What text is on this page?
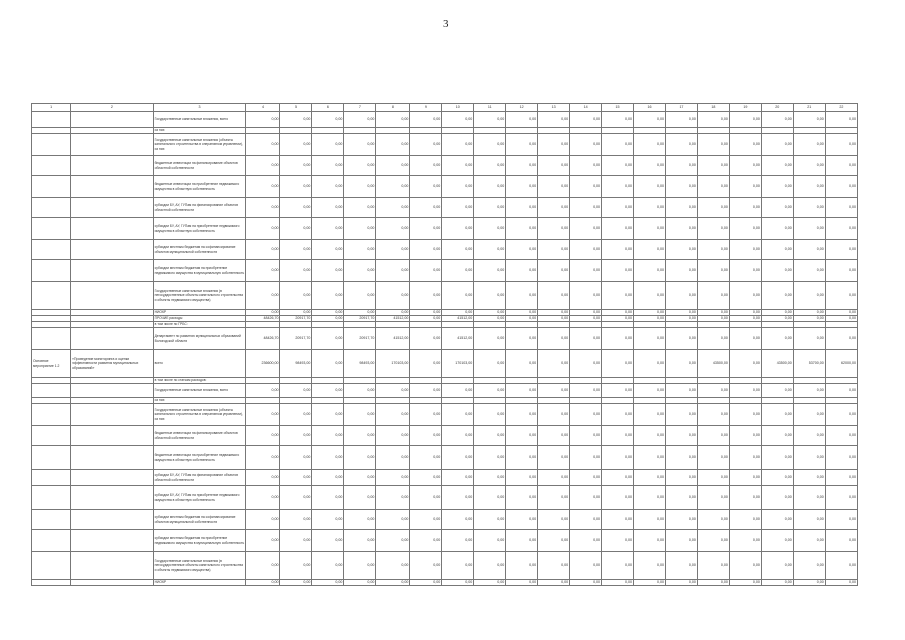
3
1	2	3	4	5	6	7	8	9	10	11	12	13	14	15	16	17	18	19	20	21	22
		Государственные капитальные вложения, всего	0,00	0,00	0,00	0,00	0,00	0,00	0,00	0,00	0,00	0,00	0,00	0,00	0,00	0,00	0,00	0,00	0,00	0,00	0,00
		из них:																			
		Государственные капитальные вложения (объекты капитального строительства в оперативном управлении), из них:	0,00	0,00	0,00	0,00	0,00	0,00	0,00	0,00	0,00	0,00	0,00	0,00	0,00	0,00	0,00	0,00	0,00	0,00	0,00
		бюджетные инвестиции на финансирование объектов областной собственности	0,00	0,00	0,00	0,00	0,00	0,00	0,00	0,00	0,00	0,00	0,00	0,00	0,00	0,00	0,00	0,00	0,00	0,00	0,00
		бюджетные инвестиции на приобретение недвижимого имущества в областную собственность	0,00	0,00	0,00	0,00	0,00	0,00	0,00	0,00	0,00	0,00	0,00	0,00	0,00	0,00	0,00	0,00	0,00	0,00	0,00
		субсидии БУ, АУ, ГУПам на финансирование объектов областной собственности	0,00	0,00	0,00	0,00	0,00	0,00	0,00	0,00	0,00	0,00	0,00	0,00	0,00	0,00	0,00	0,00	0,00	0,00	0,00
		субсидии БУ, АУ, ГУПам на приобретение недвижимого имущества в областную собственность	0,00	0,00	0,00	0,00	0,00	0,00	0,00	0,00	0,00	0,00	0,00	0,00	0,00	0,00	0,00	0,00	0,00	0,00	0,00
		субсидии местным бюджетам на софинансирование объектов муниципальной собственности	0,00	0,00	0,00	0,00	0,00	0,00	0,00	0,00	0,00	0,00	0,00	0,00	0,00	0,00	0,00	0,00	0,00	0,00	0,00
		субсидии местным бюджетам на приобретение недвижимого имущества в муниципальную собственность	0,00	0,00	0,00	0,00	0,00	0,00	0,00	0,00	0,00	0,00	0,00	0,00	0,00	0,00	0,00	0,00	0,00	0,00	0,00
		Государственные капитальные вложения (в негосударственные объекты капитального строительства и объекты недвижимого имущества)	0,00	0,00	0,00	0,00	0,00	0,00	0,00	0,00	0,00	0,00	0,00	0,00	0,00	0,00	0,00	0,00	0,00	0,00	0,00
		НИОКР	0,00	0,00	0,00	0,00	0,00	0,00	0,00	0,00	0,00	0,00	0,00	0,00	0,00	0,00	0,00	0,00	0,00	0,00	0,00
		ПРОЧИЕ расходы	48426,70	20917,70	0,00	20917,70	41512,00	0,00	41512,00	0,00	0,00	0,00	0,00	0,00	0,00	0,00	0,00	0,00	0,00	0,00	0,00
		в том числе по ГРБС:																			
		Департамент по развитию муниципальных образований Вологодской области	48426,70	20917,70	0,00	20917,70	41512,00	0,00	41512,00	0,00	0,00	0,00	0,00	0,00	0,00	0,00	0,00	0,00	0,00	0,00	0,00
Основное мероприятие 1.2	«Проведение мониторинга и оценки эффективности развития муниципальных образований»	всего	236600,00	98493,00	0,00	98493,00	170103,00	0,00	170103,00	0,00	0,00	0,00	0,00	0,00	0,00	0,00	43500,00	0,00	43500,00	53700,00	62000,00
		в том числе по статьям расходов:																			
		Государственные капитальные вложения, всего	0,00	0,00	0,00	0,00	0,00	0,00	0,00	0,00	0,00	0,00	0,00	0,00	0,00	0,00	0,00	0,00	0,00	0,00	0,00
		из них:																			
		Государственные капитальные вложения (объекты капитального строительства в оперативном управлении), из них:	0,00	0,00	0,00	0,00	0,00	0,00	0,00	0,00	0,00	0,00	0,00	0,00	0,00	0,00	0,00	0,00	0,00	0,00	0,00
		бюджетные инвестиции на финансирование объектов областной собственности	0,00	0,00	0,00	0,00	0,00	0,00	0,00	0,00	0,00	0,00	0,00	0,00	0,00	0,00	0,00	0,00	0,00	0,00	0,00
		бюджетные инвестиции на приобретение недвижимого имущества в областную собственность	0,00	0,00	0,00	0,00	0,00	0,00	0,00	0,00	0,00	0,00	0,00	0,00	0,00	0,00	0,00	0,00	0,00	0,00	0,00
		субсидии БУ, АУ, ГУПам на финансирование объектов областной собственности	0,00	0,00	0,00	0,00	0,00	0,00	0,00	0,00	0,00	0,00	0,00	0,00	0,00	0,00	0,00	0,00	0,00	0,00	0,00
		субсидии БУ, АУ, ГУПам на приобретение недвижимого имущества в областную собственность	0,00	0,00	0,00	0,00	0,00	0,00	0,00	0,00	0,00	0,00	0,00	0,00	0,00	0,00	0,00	0,00	0,00	0,00	0,00
		субсидии местным бюджетам на софинансирование объектов муниципальной собственности	0,00	0,00	0,00	0,00	0,00	0,00	0,00	0,00	0,00	0,00	0,00	0,00	0,00	0,00	0,00	0,00	0,00	0,00	0,00
		субсидии местным бюджетам на приобретение недвижимого имущества в муниципальную собственность	0,00	0,00	0,00	0,00	0,00	0,00	0,00	0,00	0,00	0,00	0,00	0,00	0,00	0,00	0,00	0,00	0,00	0,00	0,00
		Государственные капитальные вложения (в негосударственные объекты капитального строительства и объекты недвижимого имущества)	0,00	0,00	0,00	0,00	0,00	0,00	0,00	0,00	0,00	0,00	0,00	0,00	0,00	0,00	0,00	0,00	0,00	0,00	0,00
		НИОКР	0,00	0,00	0,00	0,00	0,00	0,00	0,00	0,00	0,00	0,00	0,00	0,00	0,00	0,00	0,00	0,00	0,00	0,00	0,00
